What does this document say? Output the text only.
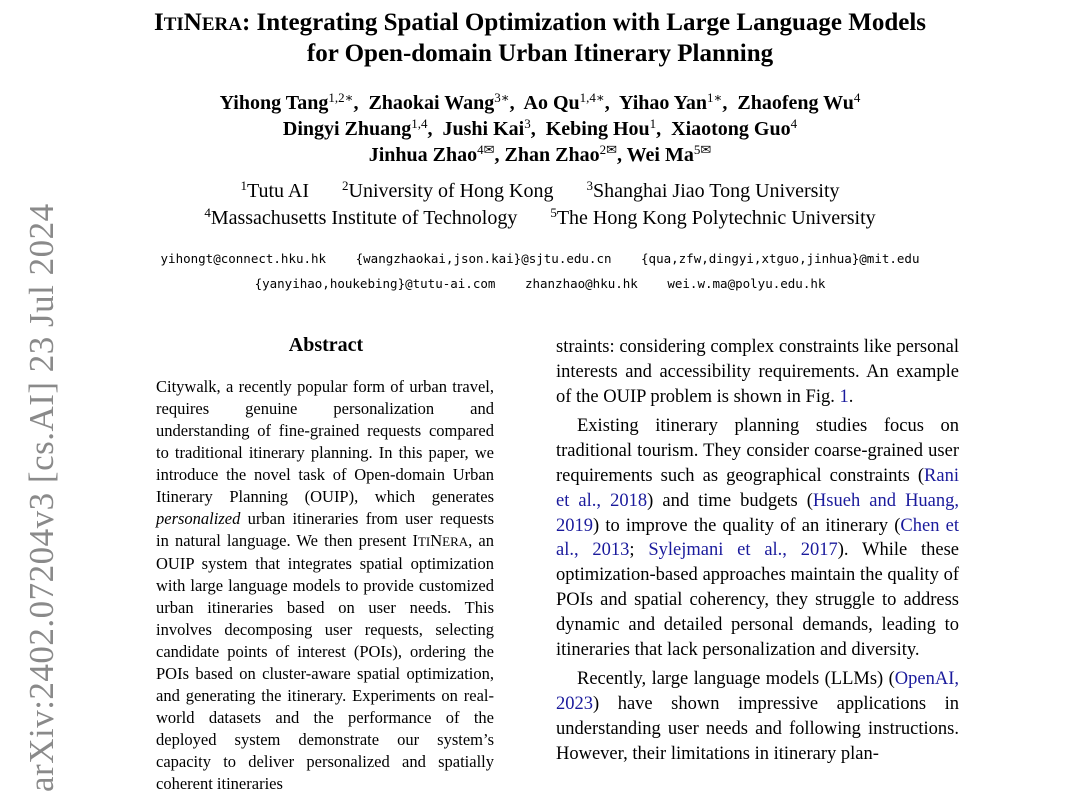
arXiv:2402.07204v3 [cs.AI] 23 Jul 2024
ITINERA: Integrating Spatial Optimization with Large Language Models
for Open-domain Urban Itinerary Planning
Yihong Tang$^{1,2∗}$,  Zhaokai Wang$^{3∗}$,  Ao $Qu^{1,4∗}$,  Yihao Yan$^{1∗}$,  Zhaofeng Wu$^4$
Dingyi Zhuang$^{1,4}$,  Jushi Kai$^3$,  Kebing Hou$^1$,  Xiaotong Guo$^4$
Jinhua Zhao$^{4✉}$, Zhan Zhao$^{2✉}$, Wei $Ma^{5✉}$
$^1$Tutu AI	$^2$University of Hong Kong	$^3$Shanghai Jiao Tong University
$^4$Massachusetts Institute of Technology	$^5$The Hong Kong Polytechnic University
yihongt@connect.hku.hk {wangzhaokai,json.kai}@sjtu.edu.cn {qua,zfw,dingyi,xtguo,jinhua}@mit.edu
{yanyihao,houkebing}@tutu-ai.com zhanzhao@hku.hk wei.w.ma@polyu.edu.hk
Abstract
Citywalk, a recently popular form of urban travel, requires genuine personalization and understanding of fine-grained requests compared to traditional itinerary planning. In this paper, we introduce the novel task of Open-domain Urban Itinerary Planning (OUIP), which generates personalized urban itineraries from user requests in natural language. We then present ITINERA, an OUIP system that integrates spatial optimization with large language models to provide customized urban itineraries based on user needs. This involves decomposing user requests, selecting candidate points of interest (POIs), ordering the POIs based on cluster-aware spatial optimization, and generating the itinerary. Experiments on real-world datasets and the performance of the deployed system demonstrate our system’s capacity to deliver personalized and spatially coherent itineraries

straints: considering complex constraints like personal interests and accessibility requirements. An example of the OUIP problem is shown in Fig. 1.

Existing itinerary planning studies focus on traditional tourism. They consider coarse-grained user requirements such as geographical constraints (Rani et al., 2018) and time budgets (Hsueh and Huang, 2019) to improve the quality of an itinerary (Chen et al., 2013; Sylejmani et al., 2017). While these optimization-based approaches maintain the quality of POIs and spatial coherency, they struggle to address dynamic and detailed personal demands, leading to itineraries that lack personalization and diversity.

Recently, large language models (LLMs) (OpenAI, 2023) have shown impressive applications in understanding user needs and following instructions. However, their limitations in itinerary plan-
